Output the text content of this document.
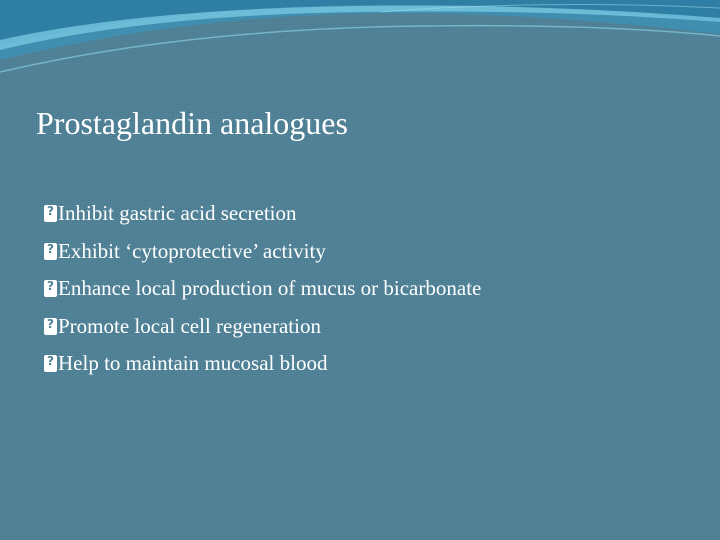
Prostaglandin analogues
?
Inhibit gastric acid secretion
?
Exhibit ‘cytoprotective’ activity
?
Enhance local production of mucus or bicarbonate
?
Promote local cell regeneration
?
Help to maintain mucosal blood
